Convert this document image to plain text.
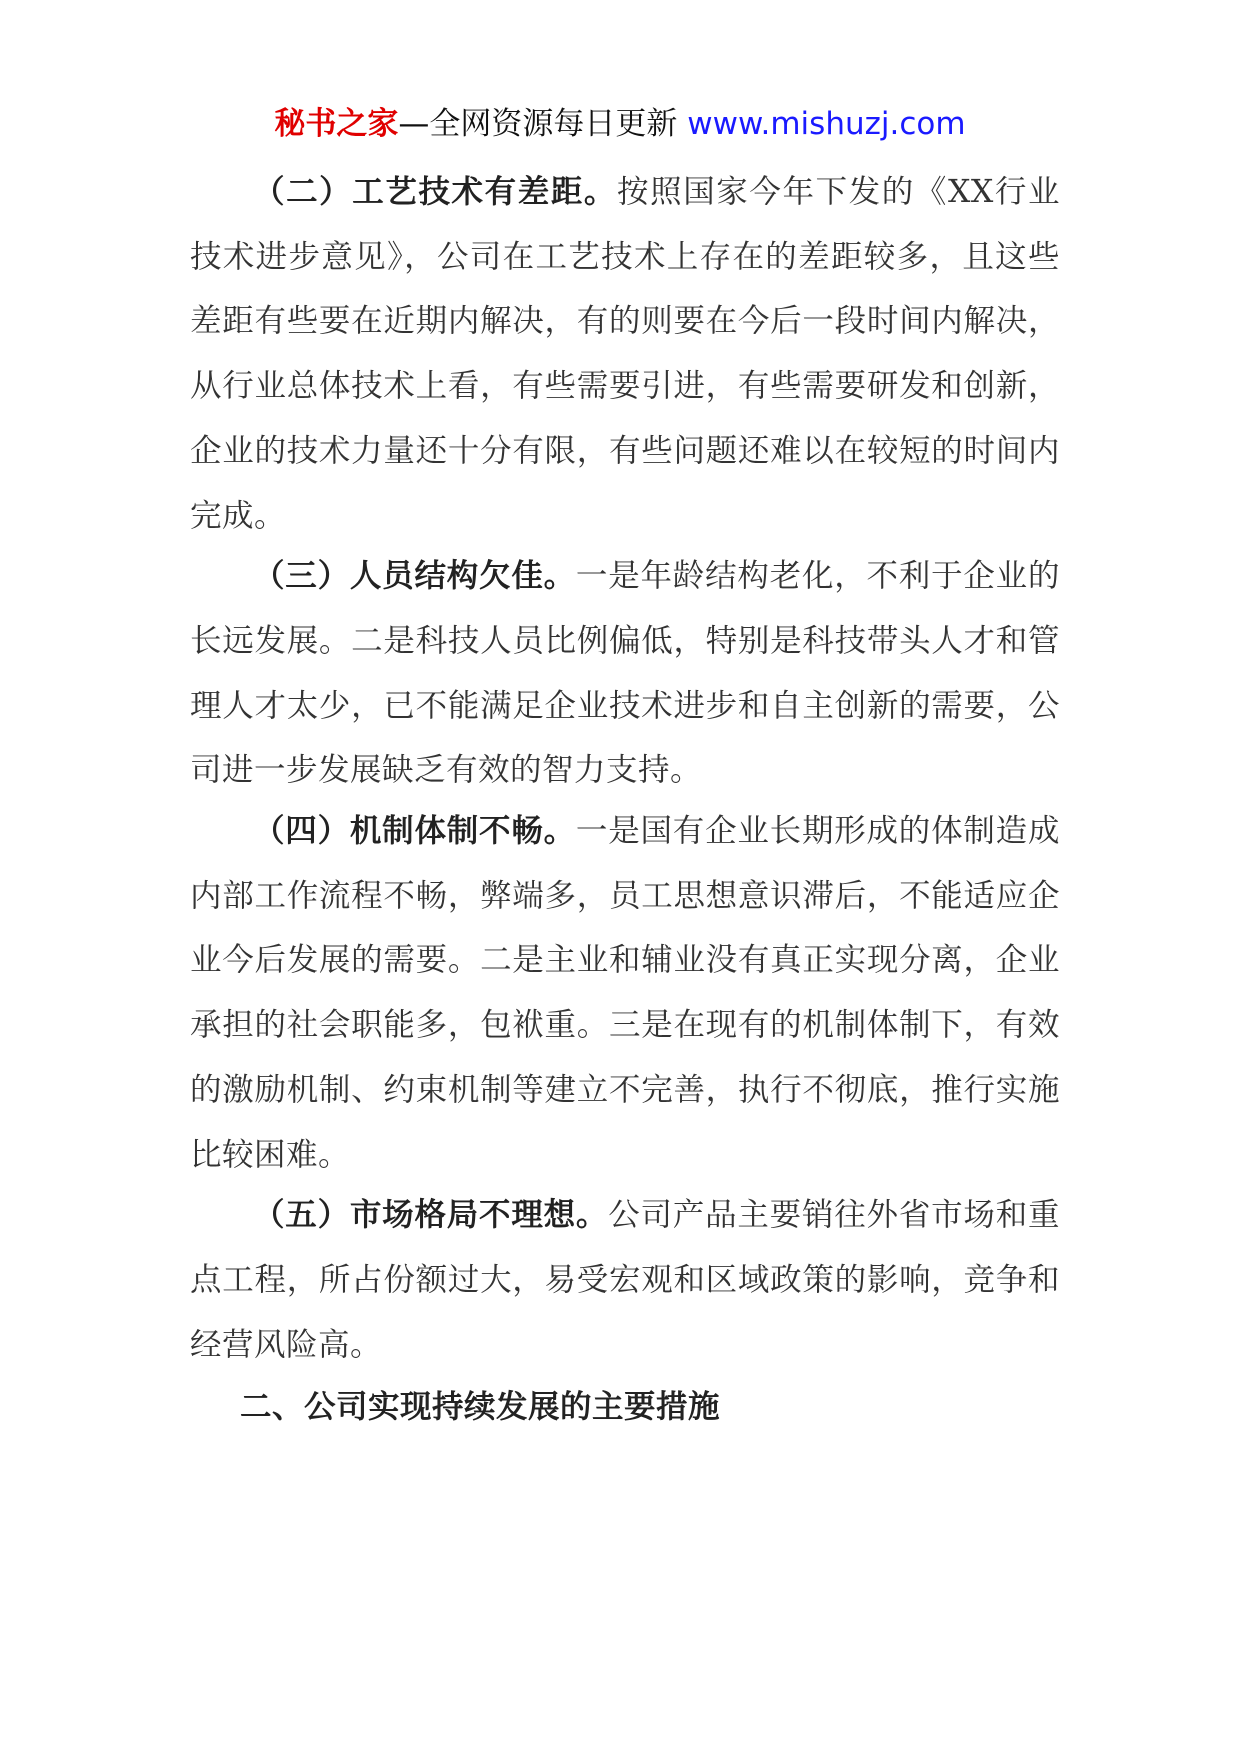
秘书之家—全网资源每日更新 www.mishuzj.com

（二）工艺技术有差距。按照国家今年下发的《XX行业技术进步意见》，公司在工艺技术上存在的差距较多，且这些差距有些要在近期内解决，有的则要在今后一段时间内解决，从行业总体技术上看，有些需要引进，有些需要研发和创新，企业的技术力量还十分有限，有些问题还难以在较短的时间内完成。

（三）人员结构欠佳。一是年龄结构老化，不利于企业的长远发展。二是科技人员比例偏低，特别是科技带头人才和管理人才太少，已不能满足企业技术进步和自主创新的需要，公司进一步发展缺乏有效的智力支持。

（四）机制体制不畅。一是国有企业长期形成的体制造成内部工作流程不畅，弊端多，员工思想意识滞后，不能适应企业今后发展的需要。二是主业和辅业没有真正实现分离，企业承担的社会职能多，包袱重。三是在现有的机制体制下，有效的激励机制、约束机制等建立不完善，执行不彻底，推行实施比较困难。

（五）市场格局不理想。公司产品主要销往外省市场和重点工程，所占份额过大，易受宏观和区域政策的影响，竞争和经营风险高。

二、公司实现持续发展的主要措施
